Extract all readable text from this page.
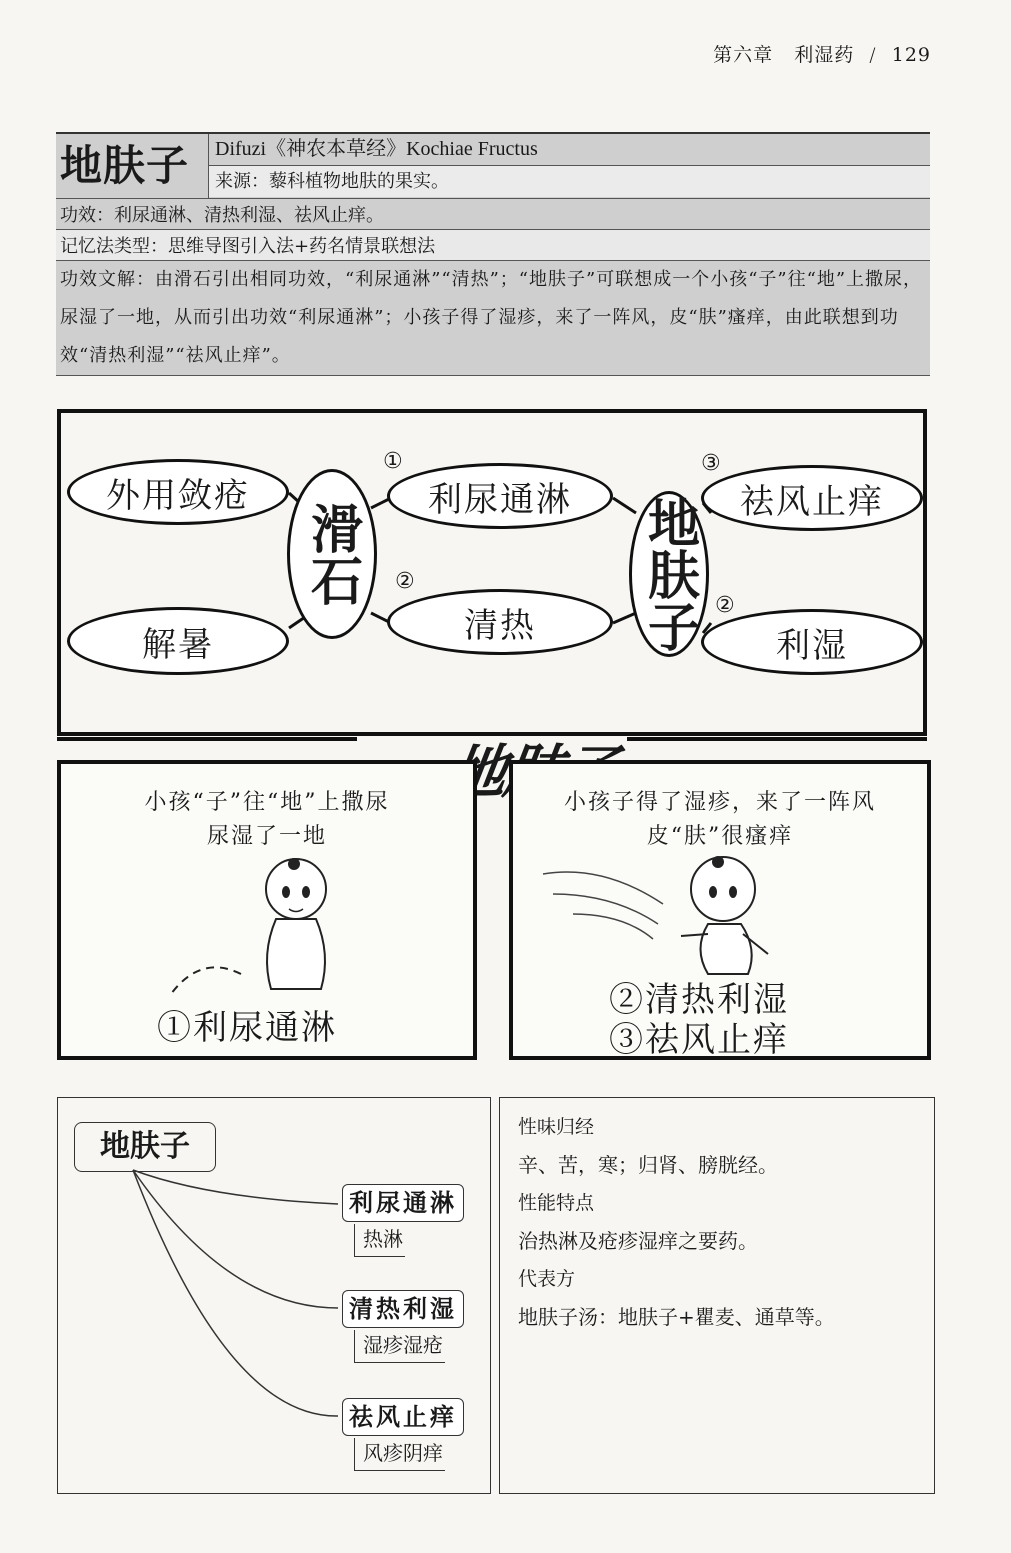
第六章 利湿药 / 129
地肤子	Difuzi《神农本草经》Kochiae Fructus
来源：藜科植物地肤的果实。
功效：利尿通淋、清热利湿、祛风止痒。
记忆法类型：思维导图引入法+药名情景联想法
功效文解：由滑石引出相同功效，“利尿通淋”“清热”；“地肤子”可联想成一个小孩“子”往“地”上撒尿，尿湿了一地，从而引出功效“利尿通淋”；小孩子得了湿疹，来了一阵风，皮“肤”瘙痒，由此联想到功效“清热利湿”“祛风止痒”。
外用敛疮
解暑
滑石
利尿通淋
清热	地肤子	祛风止痒
利湿
①
②
③
②
小孩“子”往“地”上撒尿
尿湿了一地
①利尿通淋
小孩子得了湿疹，来了一阵风
皮“肤”很瘙痒
②清热利湿
③祛风止痒
地肤子
利尿通淋
热淋
清热利湿
湿疹湿疮
祛风止痒
风疹阴痒
性味归经
辛、苦，寒；归肾、膀胱经。
性能特点
治热淋及疮疹湿痒之要药。
代表方
地肤子汤：地肤子+瞿麦、通草等。
